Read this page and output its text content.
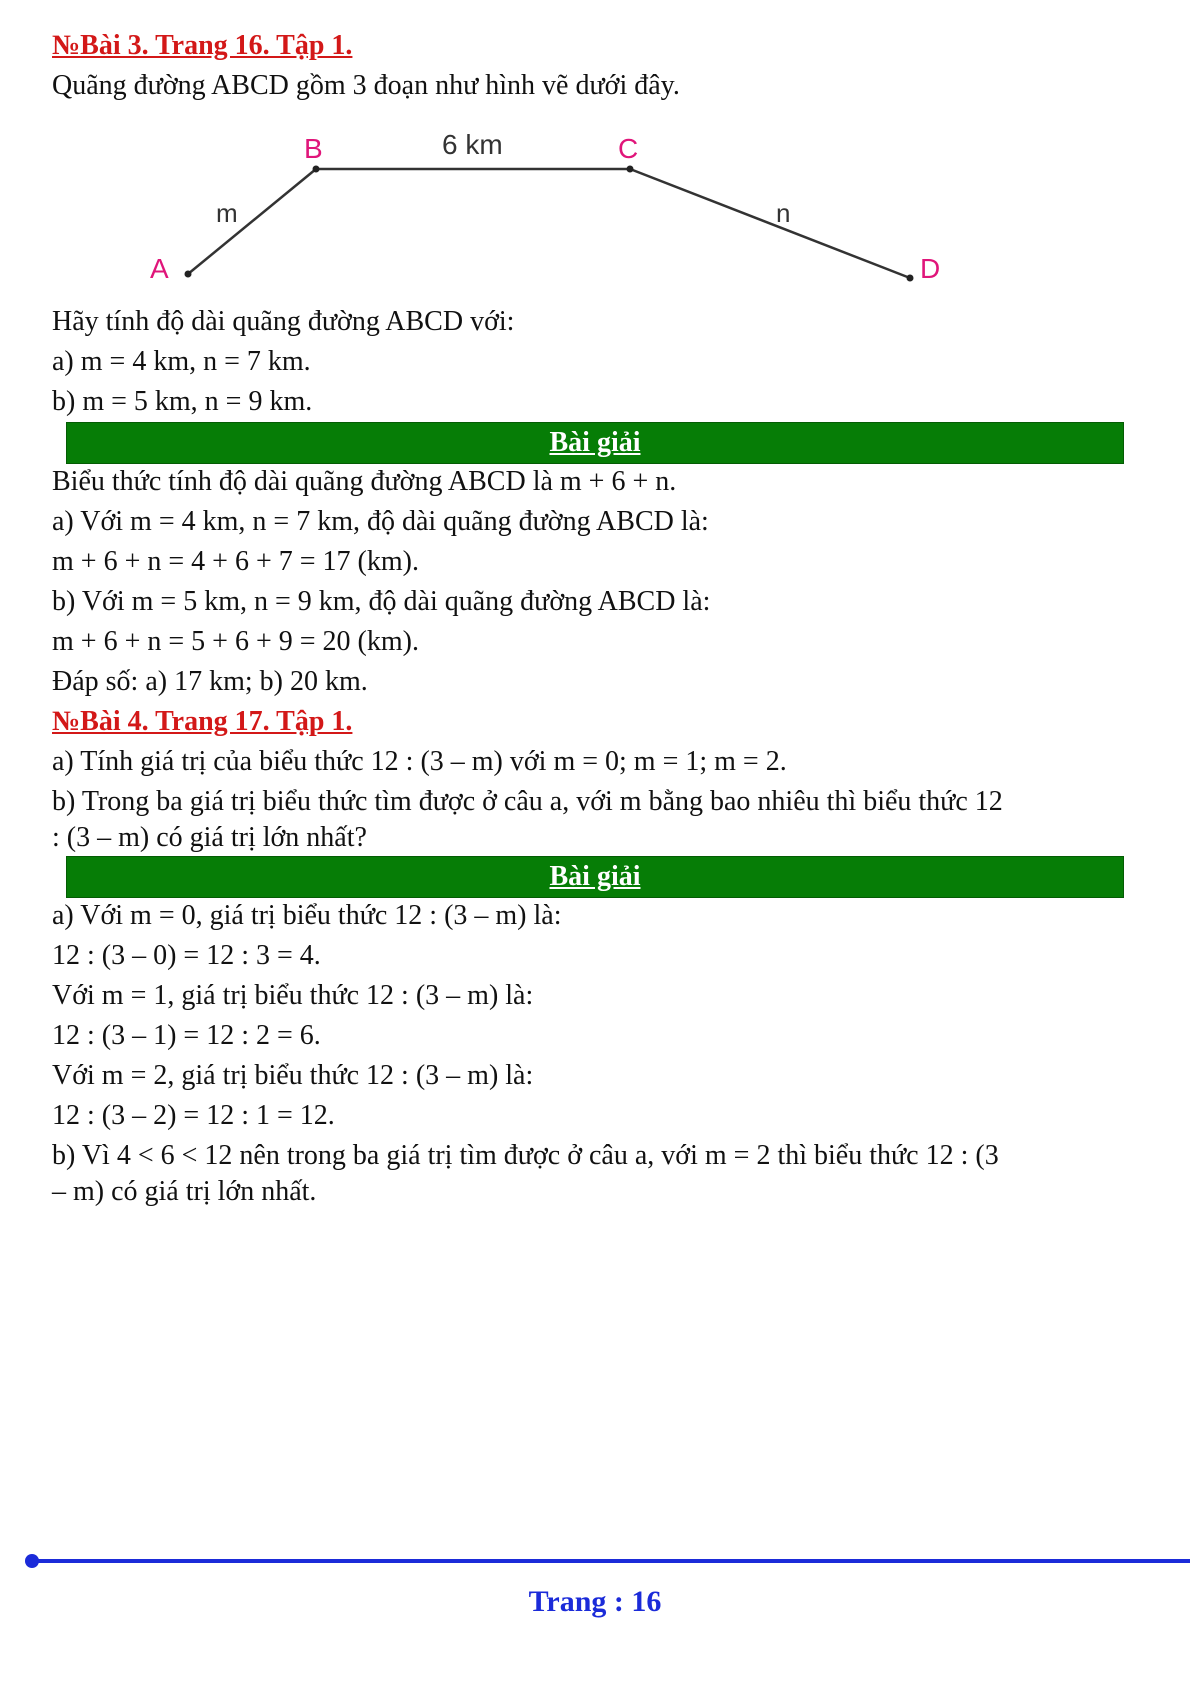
№Bài 3. Trang 16. Tập 1.
Quãng đường ABCD gồm 3 đoạn như hình vẽ dưới đây.
A
B	C
D
6 km
m	n
Hãy tính độ dài quãng đường ABCD với:
a) m = 4 km, n = 7 km.
b) m = 5 km, n = 9 km.
Bài giải
Biểu thức tính độ dài quãng đường ABCD là m + 6 + n.
a) Với m = 4 km, n = 7 km, độ dài quãng đường ABCD là:
m + 6 + n = 4 + 6 + 7 = 17 (km).
b) Với m = 5 km, n = 9 km, độ dài quãng đường ABCD là:
m + 6 + n = 5 + 6 + 9 = 20 (km).
Đáp số: a) 17 km; b) 20 km.
№Bài 4. Trang 17. Tập 1.
a) Tính giá trị của biểu thức 12 : (3 – m) với m = 0; m = 1; m = 2.
b) Trong ba giá trị biểu thức tìm được ở câu a, với m bằng bao nhiêu thì biểu thức 12
: (3 – m) có giá trị lớn nhất?
Bài giải
a) Với m = 0, giá trị biểu thức 12 : (3 – m) là:
12 : (3 – 0) = 12 : 3 = 4.
Với m = 1, giá trị biểu thức 12 : (3 – m) là:
12 : (3 – 1) = 12 : 2 = 6.
Với m = 2, giá trị biểu thức 12 : (3 – m) là:
12 : (3 – 2) = 12 : 1 = 12.
b) Vì 4 < 6 < 12 nên trong ba giá trị tìm được ở câu a, với m = 2 thì biểu thức 12 : (3
– m) có giá trị lớn nhất.
Trang : 16
